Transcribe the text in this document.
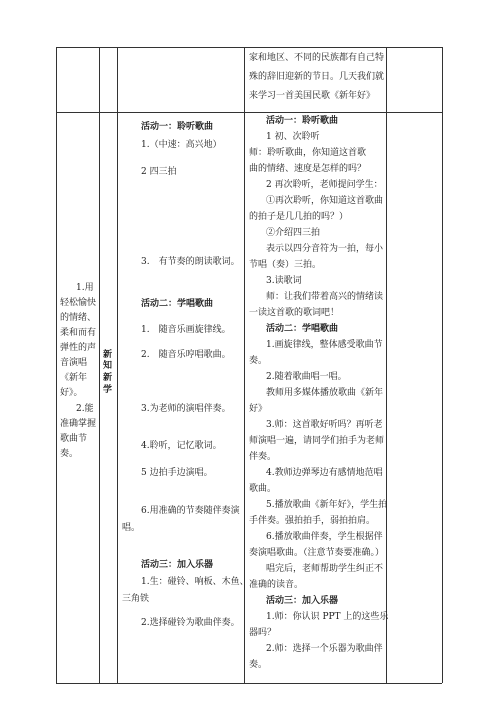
家和地区、不同的民族都有自己特
殊的辞旧迎新的节日。几天我们就
来学习一首美国民歌《新年好》
1.用
轻松愉快
的情绪、
柔和而有
弹性的声
音演唱
《新年
好》。
2.能
准确掌握
歌曲节
奏。
新
知
新
学
活动一：聆听歌曲
1.（中速：高兴地）
2 四三拍
3.　有节奏的朗读歌词。
活动二：学唱歌曲
1.　随音乐画旋律线。
2.　随音乐哼唱歌曲。
3.为老师的演唱伴奏。
4.聆听，记忆歌词。
5 边拍手边演唱。
6.用准确的节奏随伴奏演
唱。
活动三：加入乐器
1.生：碰铃、响板、木鱼、
三角铁
2.选择碰铃为歌曲伴奏。
活动一：聆听歌曲
1 初、次聆听
师：聆听歌曲，你知道这首歌
曲的情绪、速度是怎样的吗？
2 再次聆听，老师提问学生：
①再次聆听，你知道这首歌曲
的拍子是几几拍的吗？）
②介绍四三拍
表示以四分音符为一拍，每小
节唱（奏）三拍。
3.读歌词
师：让我们带着高兴的情绪读
一读这首歌的歌词吧！
活动二：学唱歌曲
1.画旋律线，整体感受歌曲节
奏。
2.随着歌曲唱一唱。
教师用多媒体播放歌曲《新年
好》
3.师：这首歌好听吗？再听老
师演唱一遍，请同学们拍手为老师
伴奏。
4.教师边弹琴边有感情地范唱
歌曲。
5.播放歌曲《新年好》，学生拍
手伴奏。强拍拍手，弱拍拍肩。
6.播放歌曲伴奏，学生根据伴
奏演唱歌曲。（注意节奏要准确。）
唱完后，老师帮助学生纠正不
准确的读音。
活动三：加入乐器
1.师：你认识 PPT 上的这些乐
器吗？
2.师：选择一个乐器为歌曲伴
奏。
